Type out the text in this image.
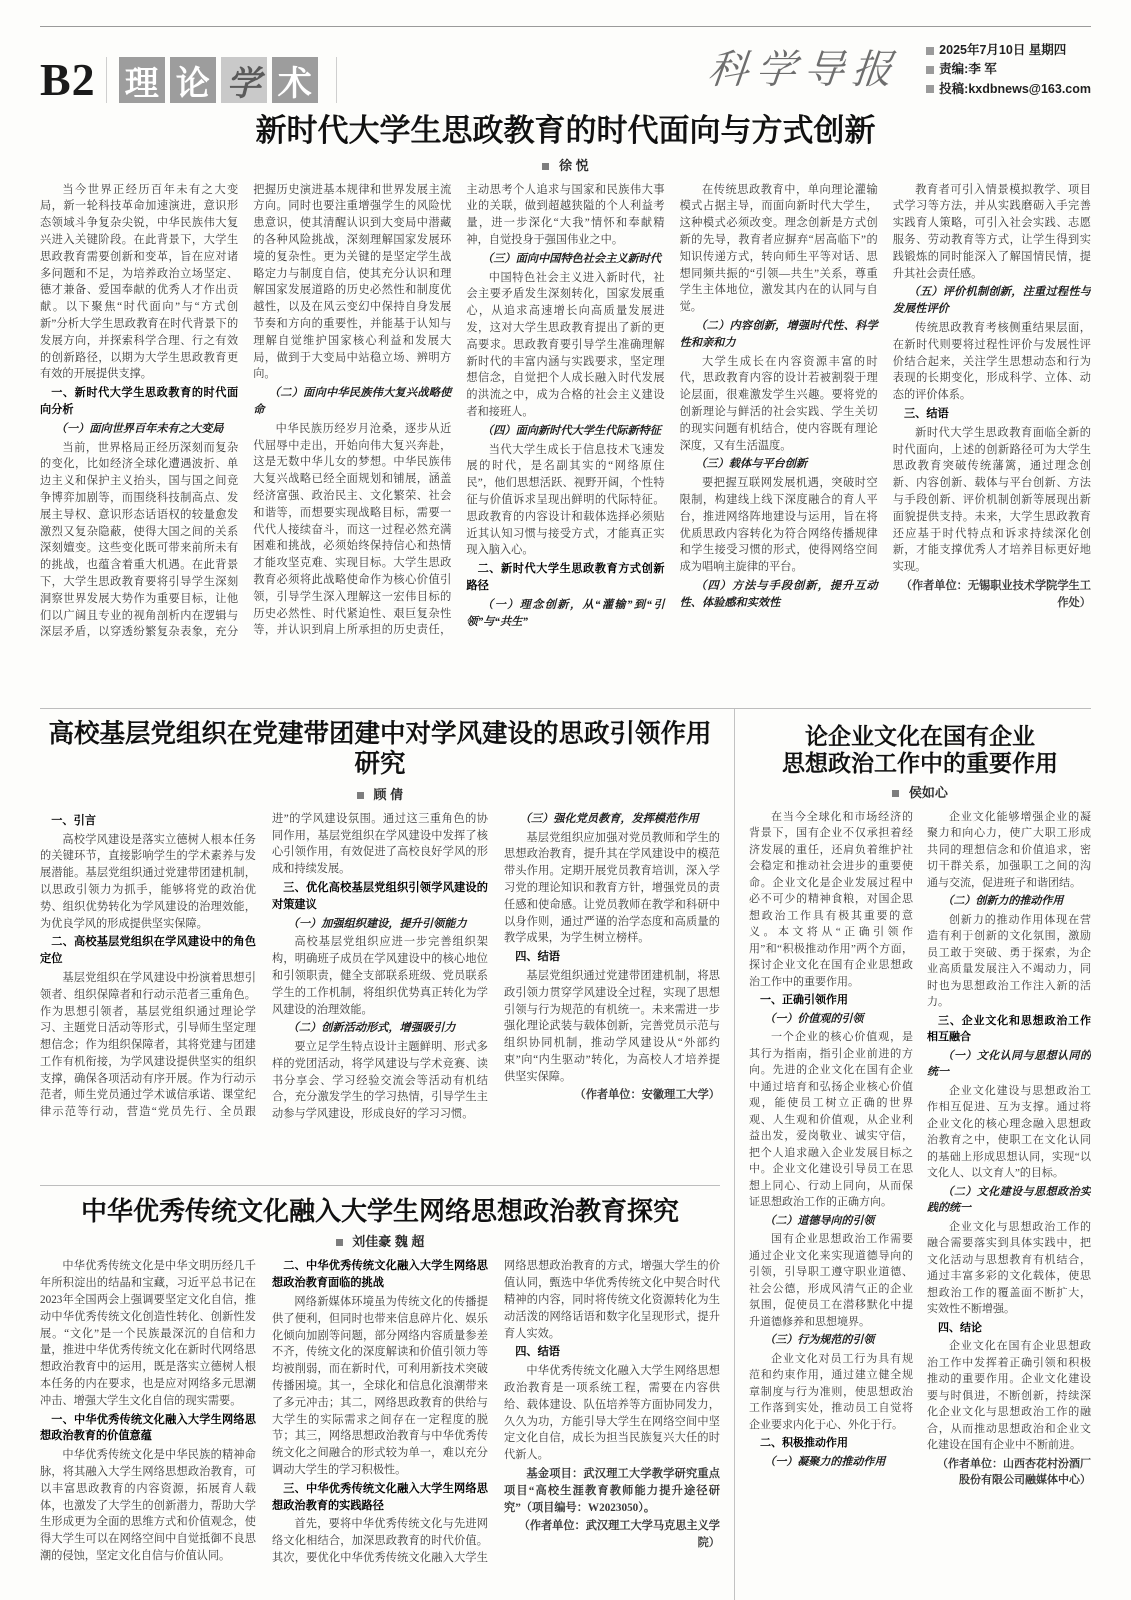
B2 理 论 学 术	科学导报	2025年7月10日 星期四
责编:李 军
投稿:kxdbnews@163.com
新时代大学生思政教育的时代面向与方式创新
徐 悦
当今世界正经历百年未有之大变局，新一轮科技革命加速演进，意识形态领域斗争复杂尖锐，中华民族伟大复兴进入关键阶段。在此背景下，大学生思政教育需要创新和变革，旨在应对诸多问题和不足，为培养政治立场坚定、德才兼备、爱国奉献的优秀人才作出贡献。以下聚焦“时代面向”与“方式创新”分析大学生思政教育在时代背景下的发展方向，并探索科学合理、行之有效的创新路径，以期为大学生思政教育更有效的开展提供支撑。
一、新时代大学生思政教育的时代面向分析
（一）面向世界百年未有之大变局
当前，世界格局正经历深刻而复杂的变化，比如经济全球化遭遇波折、单边主义和保护主义抬头，国与国之间竞争博弈加剧等，而围绕科技制高点、发展主导权、意识形态话语权的较量愈发激烈又复杂隐蔽，使得大国之间的关系深刻嬗变。这些变化既可带来前所未有的挑战，也蕴含着重大机遇。在此背景下，大学生思政教育要将引导学生深刻洞察世界发展大势作为重要目标，让他们以广阔且专业的视角剖析内在逻辑与深层矛盾，以穿透纷繁复杂表象，充分把握历史演进基本规律和世界发展主流方向。同时也要注重增强学生的风险忧患意识，使其清醒认识到大变局中潜藏的各种风险挑战，深刻理解国家发展环境的复杂性。更为关键的是坚定学生战略定力与制度自信，使其充分认识和理解国家发展道路的历史必然性和制度优越性，以及在风云变幻中保持自身发展节奏和方向的重要性，并能基于认知与理解自觉维护国家核心利益和发展大局，做到于大变局中站稳立场、辨明方向。
（二）面向中华民族伟大复兴战略使命
中华民族历经岁月沧桑，逐步从近代屈辱中走出，开始向伟大复兴奔赴，这是无数中华儿女的梦想。中华民族伟大复兴战略已经全面规划和铺展，涵盖经济富强、政治民主、文化繁荣、社会和谐等，而想要实现战略目标，需要一代代人接续奋斗，而这一过程必然充满困难和挑战，必须始终保持信心和热情才能攻坚克难、实现目标。大学生思政教育必须将此战略使命作为核心价值引领，引导学生深入理解这一宏伟目标的历史必然性、时代紧迫性、艰巨复杂性等，并认识到肩上所承担的历史责任，主动思考个人追求与国家和民族伟大事业的关联，做到超越狭隘的个人利益考量，进一步深化“大我”情怀和奉献精神，自觉投身于强国伟业之中。
（三）面向中国特色社会主义新时代
中国特色社会主义进入新时代，社会主要矛盾发生深刻转化，国家发展重心，从追求高速增长向高质量发展进发，这对大学生思政教育提出了新的更高要求。思政教育要引导学生准确理解新时代的丰富内涵与实践要求，坚定理想信念，自觉把个人成长融入时代发展的洪流之中，成为合格的社会主义建设者和接班人。
（四）面向新时代大学生代际新特征
当代大学生成长于信息技术飞速发展的时代，是名副其实的“网络原住民”，他们思想活跃、视野开阔，个性特征与价值诉求呈现出鲜明的代际特征。思政教育的内容设计和载体选择必须贴近其认知习惯与接受方式，才能真正实现入脑入心。
二、新时代大学生思政教育方式创新路径
（一）理念创新，从“灌输”到“引领”与“共生”
在传统思政教育中，单向理论灌输模式占据主导，而面向新时代大学生，这种模式必须改变。理念创新是方式创新的先导，教育者应摒弃“居高临下”的知识传递方式，转向师生平等对话、思想同频共振的“引领—共生”关系，尊重学生主体地位，激发其内在的认同与自觉。
（二）内容创新，增强时代性、科学性和亲和力
大学生成长在内容资源丰富的时代，思政教育内容的设计若被割裂于理论层面，很难激发学生兴趣。要将党的创新理论与鲜活的社会实践、学生关切的现实问题有机结合，使内容既有理论深度，又有生活温度。
（三）载体与平台创新
要把握互联网发展机遇，突破时空限制，构建线上线下深度融合的育人平台，推进网络阵地建设与运用，旨在将优质思政内容转化为符合网络传播规律和学生接受习惯的形式，使得网络空间成为唱响主旋律的平台。
（四）方法与手段创新，提升互动性、体验感和实效性
教育者可引入情景模拟教学、项目式学习等方法，并从实践磨砺入手完善实践育人策略，可引入社会实践、志愿服务、劳动教育等方式，让学生得到实践锻炼的同时能深入了解国情民情，提升其社会责任感。
（五）评价机制创新，注重过程性与发展性评价
传统思政教育考核侧重结果层面，在新时代则要将过程性评价与发展性评价结合起来，关注学生思想动态和行为表现的长期变化，形成科学、立体、动态的评价体系。
三、结语
新时代大学生思政教育面临全新的时代面向，上述的创新路径可为大学生思政教育突破传统藩篱，通过理念创新、内容创新、载体与平台创新、方法与手段创新、评价机制创新等展现出新面貌提供支持。未来，大学生思政教育还应基于时代特点和诉求持续深化创新，才能支撑优秀人才培养目标更好地实现。
（作者单位：无锡职业技术学院学生工作处）
高校基层党组织在党建带团建中对学风建设的思政引领作用研究
顾 倩
一、引言
高校学风建设是落实立德树人根本任务的关键环节，直接影响学生的学术素养与发展潜能。基层党组织通过党建带团建机制，以思政引领力为抓手，能够将党的政治优势、组织优势转化为学风建设的治理效能，为优良学风的形成提供坚实保障。
二、高校基层党组织在学风建设中的角色定位
基层党组织在学风建设中扮演着思想引领者、组织保障者和行动示范者三重角色。作为思想引领者，基层党组织通过理论学习、主题党日活动等形式，引导师生坚定理想信念；作为组织保障者，其将党建与团建工作有机衔接，为学风建设提供坚实的组织支撑，确保各项活动有序开展。作为行动示范者，师生党员通过学术诚信承诺、课堂纪律示范等行动，营造“党员先行、全员跟进”的学风建设氛围。通过这三重角色的协同作用，基层党组织在学风建设中发挥了核心引领作用，有效促进了高校良好学风的形成和持续发展。
三、优化高校基层党组织引领学风建设的对策建议
（一）加强组织建设，提升引领能力
高校基层党组织应进一步完善组织架构，明确班子成员在学风建设中的核心地位和引领职责，健全支部联系班级、党员联系学生的工作机制，将组织优势真正转化为学风建设的治理效能。
（二）创新活动形式，增强吸引力
要立足学生特点设计主题鲜明、形式多样的党团活动，将学风建设与学术竞赛、读书分享会、学习经验交流会等活动有机结合，充分激发学生的学习热情，引导学生主动参与学风建设，形成良好的学习习惯。
（三）强化党员教育，发挥模范作用
基层党组织应加强对党员教师和学生的思想政治教育，提升其在学风建设中的模范带头作用。定期开展党员教育培训，深入学习党的理论知识和教育方针，增强党员的责任感和使命感。让党员教师在教学和科研中以身作则，通过严谨的治学态度和高质量的教学成果，为学生树立榜样。
四、结语
基层党组织通过党建带团建机制，将思政引领力贯穿学风建设全过程，实现了思想引领与行为规范的有机统一。未来需进一步强化理论武装与载体创新，完善党员示范与组织协同机制，推动学风建设从“外部约束”向“内生驱动”转化，为高校人才培养提供坚实保障。
（作者单位：安徽理工大学）
中华优秀传统文化融入大学生网络思想政治教育探究
刘佳豪 魏 超
中华优秀传统文化是中华文明历经几千年所积淀出的结晶和宝藏，习近平总书记在2023年全国两会上强调要坚定文化自信，推动中华优秀传统文化创造性转化、创新性发展。“文化”是一个民族最深沉的自信和力量，推进中华优秀传统文化在新时代网络思想政治教育中的运用，既是落实立德树人根本任务的内在要求，也是应对网络多元思潮冲击、增强大学生文化自信的现实需要。
一、中华优秀传统文化融入大学生网络思想政治教育的价值意蕴
中华优秀传统文化是中华民族的精神命脉，将其融入大学生网络思想政治教育，可以丰富思政教育的内容资源，拓展育人载体，也激发了大学生的创新潜力，帮助大学生形成更为全面的思维方式和价值观念，使得大学生可以在网络空间中自觉抵御不良思潮的侵蚀，坚定文化自信与价值认同。
二、中华优秀传统文化融入大学生网络思想政治教育面临的挑战
网络新媒体环境虽为传统文化的传播提供了便利，但同时也带来信息碎片化、娱乐化倾向加剧等问题，部分网络内容质量参差不齐，传统文化的深度解读和价值引领力等均被削弱，而在新时代，可利用新技术突破传播困境。其一，全球化和信息化浪潮带来了多元冲击；其二，网络思政教育的供给与大学生的实际需求之间存在一定程度的脱节；其三，网络思想政治教育与中华优秀传统文化之间融合的形式较为单一，难以充分调动大学生的学习积极性。
三、中华优秀传统文化融入大学生网络思想政治教育的实践路径
首先，要将中华优秀传统文化与先进网络文化相结合，加深思政教育的时代价值。其次，要优化中华优秀传统文化融入大学生网络思想政治教育的方式，增强大学生的价值认同，甄选中华优秀传统文化中契合时代精神的内容，同时将传统文化资源转化为生动活泼的网络话语和数字化呈现形式，提升育人实效。
四、结语
中华优秀传统文化融入大学生网络思想政治教育是一项系统工程，需要在内容供给、载体建设、队伍培养等方面协同发力，久久为功，方能引导大学生在网络空间中坚定文化自信，成长为担当民族复兴大任的时代新人。
基金项目：武汉理工大学教学研究重点项目“高校生涯教育教师能力提升途径研究”（项目编号：W2023050）。
（作者单位：武汉理工大学马克思主义学院）
论企业文化在国有企业
思想政治工作中的重要作用
侯如心
在当今全球化和市场经济的背景下，国有企业不仅承担着经济发展的重任，还肩负着维护社会稳定和推动社会进步的重要使命。企业文化是企业发展过程中必不可少的精神食粮，对国企思想政治工作具有极其重要的意义。本文将从“正确引领作用”和“积极推动作用”两个方面，探讨企业文化在国有企业思想政治工作中的重要作用。
一、正确引领作用
（一）价值观的引领
一个企业的核心价值观，是其行为指南，指引企业前进的方向。先进的企业文化在国有企业中通过培育和弘扬企业核心价值观，能使员工树立正确的世界观、人生观和价值观，从企业利益出发，爱岗敬业、诚实守信，把个人追求融入企业发展目标之中。企业文化建设引导员工在思想上同心、行动上同向，从而保证思想政治工作的正确方向。
（二）道德导向的引领
国有企业思想政治工作需要通过企业文化来实现道德导向的引领，引导职工遵守职业道德、社会公德，形成风清气正的企业氛围，促使员工在潜移默化中提升道德修养和思想境界。
（三）行为规范的引领
企业文化对员工行为具有规范和约束作用，通过建立健全规章制度与行为准则，使思想政治工作落到实处，推动员工自觉将企业要求内化于心、外化于行。
二、积极推动作用
（一）凝聚力的推动作用
企业文化能够增强企业的凝聚力和向心力，使广大职工形成共同的理想信念和价值追求，密切干群关系，加强职工之间的沟通与交流，促进班子和谐团结。
（二）创新力的推动作用
创新力的推动作用体现在营造有利于创新的文化氛围，激励员工敢于突破、勇于探索，为企业高质量发展注入不竭动力，同时也为思想政治工作注入新的活力。
三、企业文化和思想政治工作相互融合
（一）文化认同与思想认同的统一
企业文化建设与思想政治工作相互促进、互为支撑。通过将企业文化的核心理念融入思想政治教育之中，使职工在文化认同的基础上形成思想认同，实现“以文化人、以文育人”的目标。
（二）文化建设与思想政治实践的统一
企业文化与思想政治工作的融合需要落实到具体实践中，把文化活动与思想教育有机结合，通过丰富多彩的文化载体，使思想政治工作的覆盖面不断扩大，实效性不断增强。
四、结论
企业文化在国有企业思想政治工作中发挥着正确引领和积极推动的重要作用。企业文化建设要与时俱进，不断创新，持续深化企业文化与思想政治工作的融合，从而推动思想政治和企业文化建设在国有企业中不断前进。
（作者单位：山西杏花村汾酒厂股份有限公司融媒体中心）
